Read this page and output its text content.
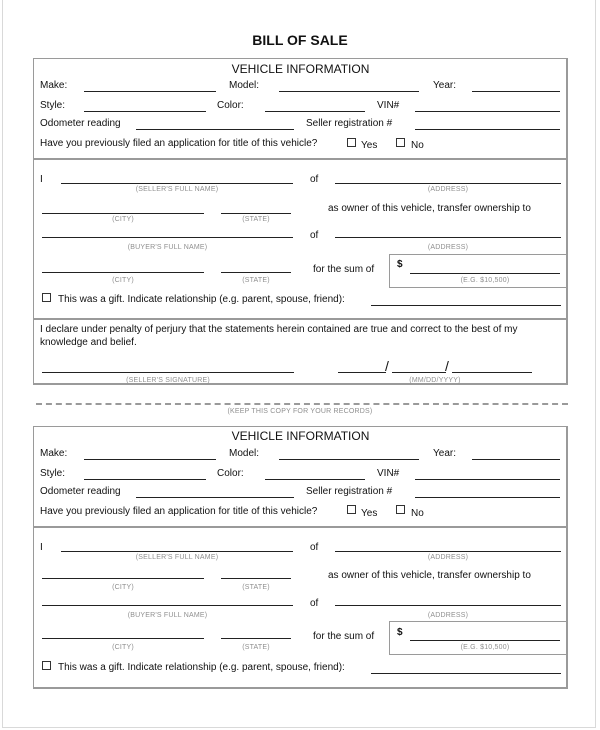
BILL OF SALE
VEHICLE INFORMATION
Make:	Model:	Year:
Style:	Color:	VIN#
Odometer reading	Seller registration #
Have you previously filed an application for title of this vehicle?	Yes	No
I
(SELLER'S FULL NAME)
of
(ADDRESS)
(CITY)	(STATE)
as owner of this vehicle, transfer ownership to
(BUYER'S FULL NAME)
of
(ADDRESS)
(CITY)	(STATE)
for the sum of $
(E.G. $10,500)
This was a gift. Indicate relationship (e.g. parent, spouse, friend):
I declare under penalty of perjury that the statements herein contained are true and correct to the best of my
knowledge and belief.
(SELLER'S SIGNATURE)
/	/
(MM/DD/YYYY)
(KEEP THIS COPY FOR YOUR RECORDS)
VEHICLE INFORMATION
Make:	Model:	Year:
Style:	Color:	VIN#
Odometer reading	Seller registration #
Have you previously filed an application for title of this vehicle?	Yes	No
I
(SELLER'S FULL NAME)
of
(ADDRESS)
(CITY)	(STATE)
as owner of this vehicle, transfer ownership to
(BUYER'S FULL NAME)
of
(ADDRESS)
(CITY)	(STATE)
for the sum of $
(E.G. $10,500)
This was a gift. Indicate relationship (e.g. parent, spouse, friend):
